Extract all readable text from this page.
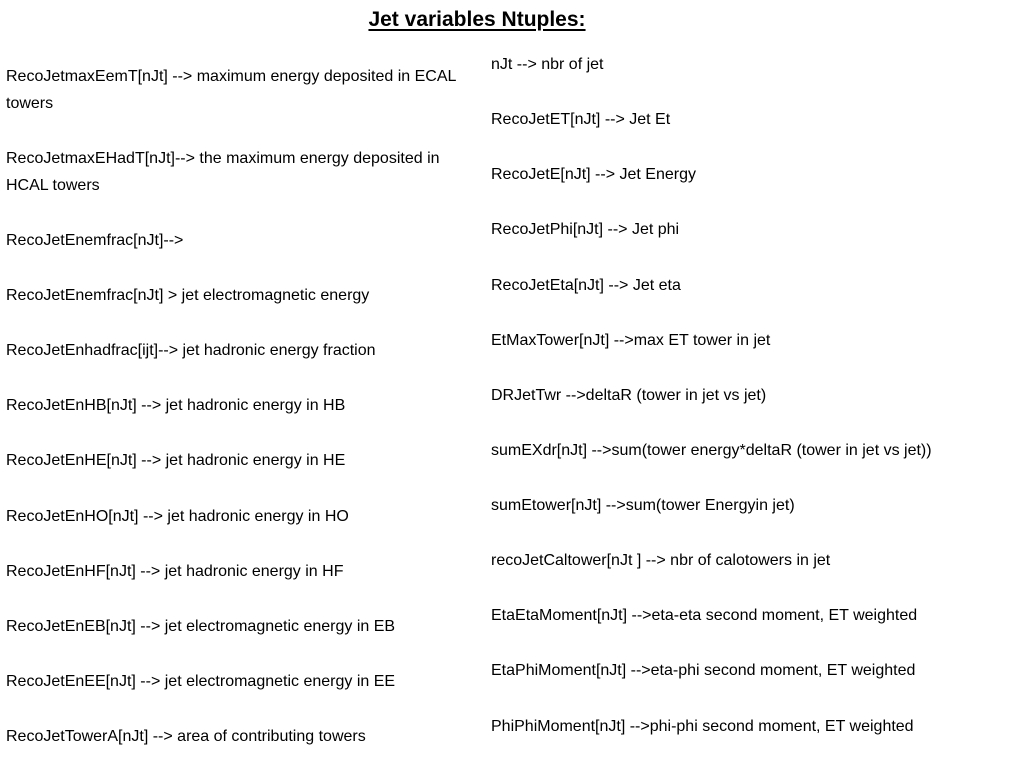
Jet variables Ntuples:
RecoJetmaxEemT[nJt] --> maximum energy deposited in ECAL towers
RecoJetmaxEHadT[nJt]--> the maximum energy deposited in HCAL towers
RecoJetEnemfrac[nJt]-->
RecoJetEnemfrac[nJt] > jet electromagnetic energy
RecoJetEnhadfrac[ijt]--> jet hadronic energy fraction
RecoJetEnHB[nJt] --> jet hadronic energy in HB
RecoJetEnHE[nJt] --> jet hadronic energy in HE
RecoJetEnHO[nJt] --> jet hadronic energy in HO
RecoJetEnHF[nJt] --> jet hadronic energy in HF
RecoJetEnEB[nJt] --> jet electromagnetic energy in EB
RecoJetEnEE[nJt] --> jet electromagnetic energy in EE
RecoJetTowerA[nJt] --> area of contributing towers
nJt --> nbr of jet
RecoJetET[nJt] --> Jet Et
RecoJetE[nJt] --> Jet Energy
RecoJetPhi[nJt] --> Jet phi
RecoJetEta[nJt] --> Jet eta
EtMaxTower[nJt] -->max ET tower in jet
DRJetTwr -->deltaR (tower in jet vs jet)
sumEXdr[nJt] -->sum(tower energy*deltaR (tower in jet vs jet))
sumEtower[nJt] -->sum(tower Energyin jet)
recoJetCaltower[nJt ] --> nbr of calotowers in jet
EtaEtaMoment[nJt] -->eta-eta second moment, ET weighted
EtaPhiMoment[nJt] -->eta-phi second moment, ET weighted
PhiPhiMoment[nJt] -->phi-phi second moment, ET weighted
